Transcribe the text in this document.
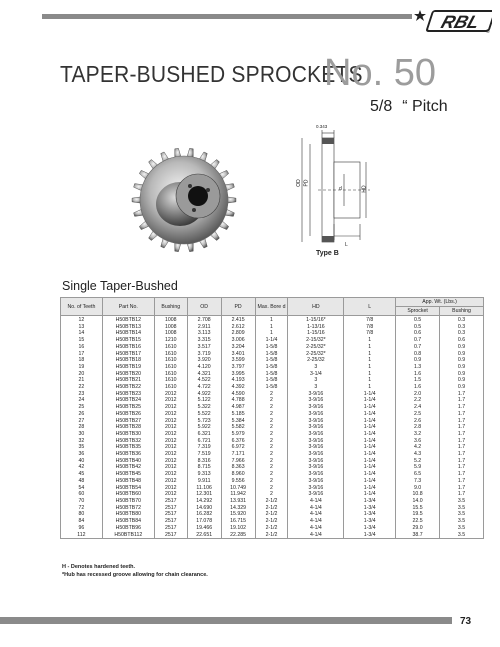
RBL
®
TAPER-BUSHED SPROCKETS
No. 50
5/8 “ Pitch
0.343
OD PD
L
HD
d
Type B
Single Taper-Bushed
No. of Teeth	Part No.	Bushing	OD	PD	Max. Bore d	HD	L	App. Wt. (Lbs.)	
								Sprocket	Bushing
12	H50BTB12	1008	2.708	2.415	1	1-15/16*	7/8	0.5	0.3
13	H50BTB13	1008	2.911	2.612	1	1-13/16	7/8	0.5	0.3
14	H50BTB14	1008	3.113	2.809	1	1-15/16	7/8	0.6	0.3
15	H50BTB15	1210	3.315	3.006	1-1/4	2-15/32*	1	0.7	0.6
16	H50BTB16	1610	3.517	3.204	1-5/8	2-25/32*	1	0.7	0.9
17	H50BTB17	1610	3.719	3.401	1-5/8	2-25/32*	1	0.8	0.9
18	H50BTB18	1610	3.920	3.599	1-5/8	2-25/32	1	0.9	0.9
19	H50BTB19	1610	4.120	3.797	1-5/8	3	1	1.3	0.9
20	H50BTB20	1610	4.321	3.995	1-5/8	3-1/4	1	1.6	0.9
21	H50BTB21	1610	4.522	4.193	1-5/8	3	1	1.5	0.9
22	H50BTB22	1610	4.722	4.392	1-5/8	3	1	1.6	0.9
23	H50BTB23	2012	4.922	4.590	2	3-9/16	1-1/4	2.0	1.7
24	H50BTB24	2012	5.122	4.788	2	3-9/16	1-1/4	2.2	1.7
25	H50BTB25	2012	5.322	4.987	2	3-9/16	1-1/4	2.4	1.7
26	H50BTB26	2012	5.522	5.185	2	3-9/16	1-1/4	2.5	1.7
27	H50BTB27	2012	5.723	5.384	2	3-9/16	1-1/4	2.6	1.7
28	H50BTB28	2012	5.922	5.582	2	3-9/16	1-1/4	2.8	1.7
30	H50BTB30	2012	6.321	5.979	2	3-9/16	1-1/4	3.2	1.7
32	H50BTB32	2012	6.721	6.376	2	3-9/16	1-1/4	3.6	1.7
35	H50BTB35	2012	7.319	6.972	2	3-9/16	1-1/4	4.2	1.7
36	H50BTB36	2012	7.519	7.171	2	3-9/16	1-1/4	4.3	1.7
40	H50BTB40	2012	8.316	7.966	2	3-9/16	1-1/4	5.2	1.7
42	H50BTB42	2012	8.715	8.363	2	3-9/16	1-1/4	5.9	1.7
45	H50BTB45	2012	9.313	8.960	2	3-9/16	1-1/4	6.5	1.7
48	H50BTB48	2012	9.911	9.556	2	3-9/16	1-1/4	7.3	1.7
54	H50BTB54	2012	11.106	10.749	2	3-9/16	1-1/4	9.0	1.7
60	H50BTB60	2012	12.301	11.942	2	3-9/16	1-1/4	10.8	1.7
70	H50BTB70	2517	14.292	13.931	2-1/2	4-1/4	1-3/4	14.0	3.5
72	H50BTB72	2517	14.690	14.329	2-1/2	4-1/4	1-3/4	15.5	3.5
80	H50BTB80	2517	16.282	15.920	2-1/2	4-1/4	1-3/4	19.5	3.5
84	H50BTB84	2517	17.078	16.715	2-1/2	4-1/4	1-3/4	22.5	3.5
96	H50BTB96	2517	19.466	19.102	2-1/2	4-1/4	1-3/4	29.0	3.5
112	H50BTB112	2517	22.651	22.285	2-1/2	4-1/4	1-3/4	38.7	3.5
H - Denotes hardened teeth.
*Hub has recessed groove allowing for chain clearance.
73
